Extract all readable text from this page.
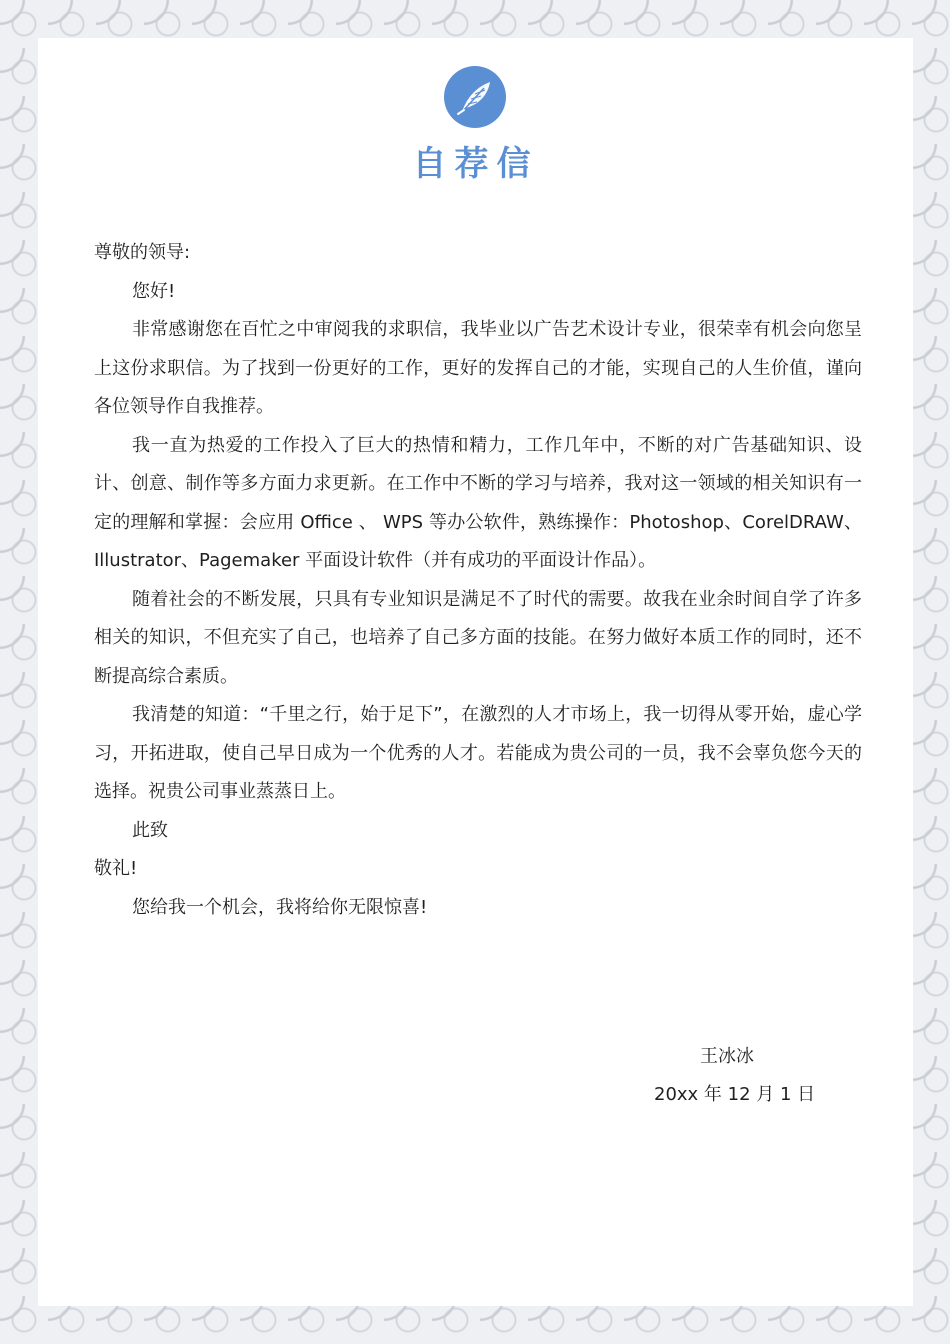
自荐信

尊敬的领导:

您好!

非常感谢您在百忙之中审阅我的求职信，我毕业以广告艺术设计专业，很荣幸有机会向您呈上这份求职信。为了找到一份更好的工作，更好的发挥自己的才能，实现自己的人生价值，谨向各位领导作自我推荐。

我一直为热爱的工作投入了巨大的热情和精力，工作几年中，不断的对广告基础知识、设计、创意、制作等多方面力求更新。在工作中不断的学习与培养，我对这一领域的相关知识有一定的理解和掌握：会应用 Office 、 WPS 等办公软件，熟练操作：Photoshop、CorelDRAW、Illustrator、Pagemaker 平面设计软件（并有成功的平面设计作品）。

随着社会的不断发展，只具有专业知识是满足不了时代的需要。故我在业余时间自学了许多相关的知识，不但充实了自己，也培养了自己多方面的技能。在努力做好本质工作的同时，还不断提高综合素质。

我清楚的知道：“千里之行，始于足下”，在激烈的人才市场上，我一切得从零开始，虚心学习，开拓进取，使自己早日成为一个优秀的人才。若能成为贵公司的一员，我不会辜负您今天的选择。祝贵公司事业蒸蒸日上。

此致

敬礼!

您给我一个机会，我将给你无限惊喜!

王冰冰
20xx 年 12 月 1 日
